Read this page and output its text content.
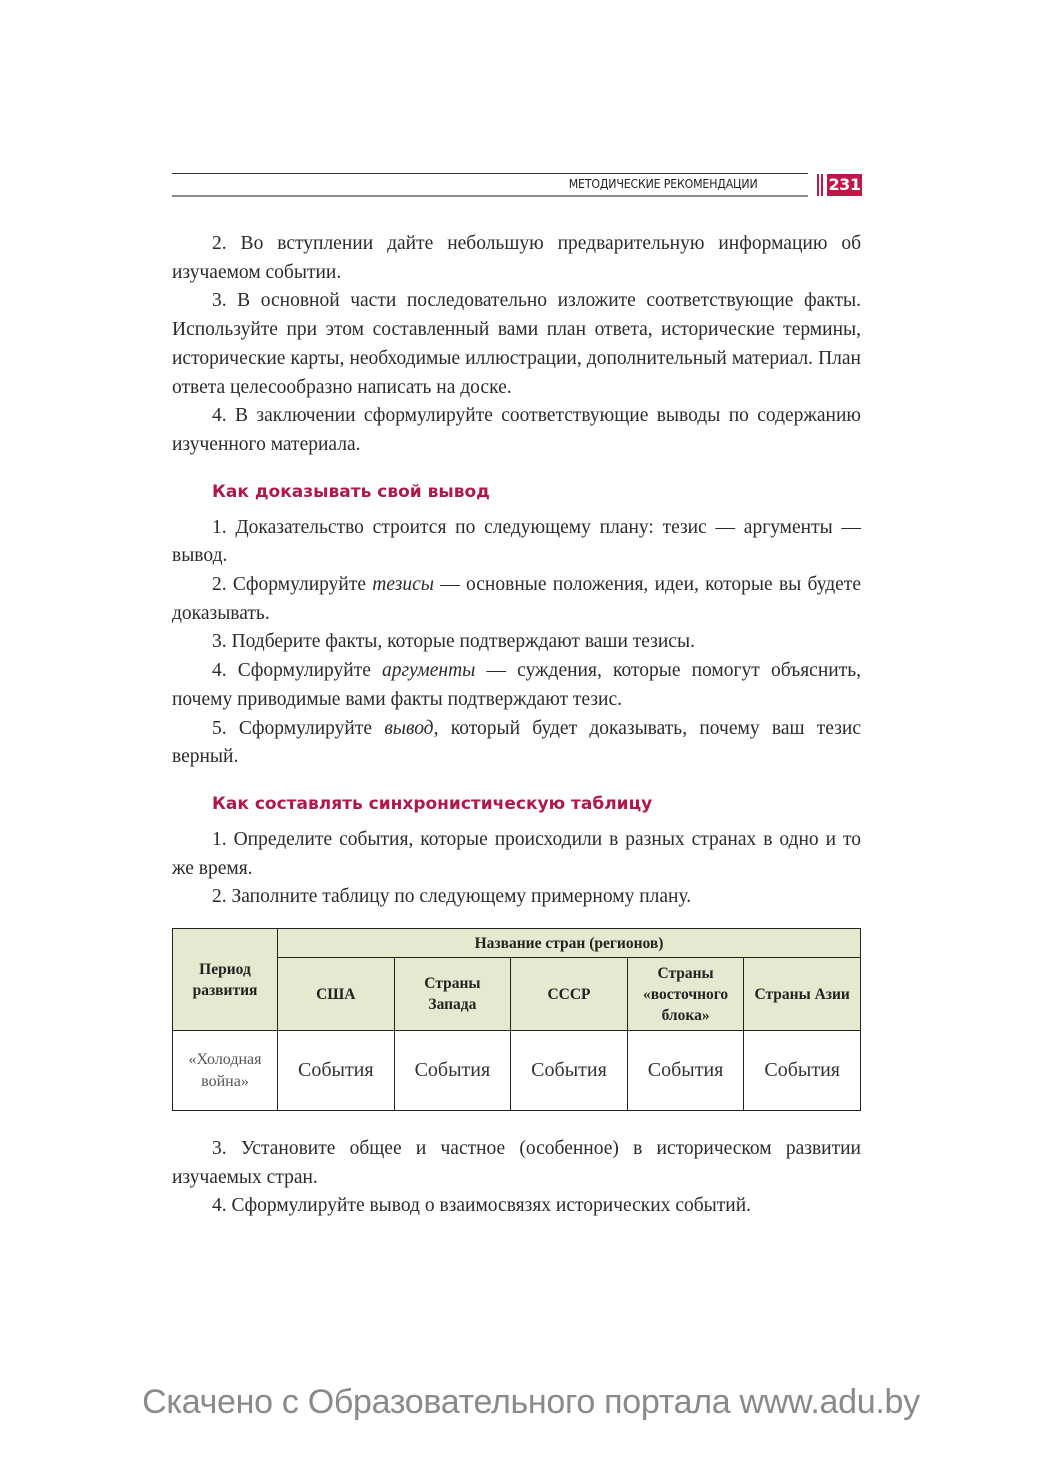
МЕТОДИЧЕСКИЕ РЕКОМЕНДАЦИИ	231

2. Во вступлении дайте небольшую предварительную информацию об изучаемом событии.

3. В основной части последовательно изложите соответствующие факты. Используйте при этом составленный вами план ответа, исторические термины, исторические карты, необходимые иллюстрации, дополнительный материал. План ответа целесообразно написать на доске.

4. В заключении сформулируйте соответствующие выводы по содержанию изученного материала.

Как доказывать свой вывод

1. Доказательство строится по следующему плану: тезис — аргументы — вывод.

2. Сформулируйте тезисы — основные положения, идеи, которые вы будете доказывать.

3. Подберите факты, которые подтверждают ваши тезисы.

4. Сформулируйте аргументы — суждения, которые помогут объяснить, почему приводимые вами факты подтверждают тезис.

5. Сформулируйте вывод, который будет доказывать, почему ваш тезис верный.

Как составлять синхронистическую таблицу

1. Определите события, которые происходили в разных странах в одно и то же время.

2. Заполните таблицу по следующему примерному плану.

Период развития	Название стран (регионов)				
	США	Страны Запада	СССР	Страны «восточного блока»	Страны Азии
«Холодная война»	События	События	События	События	События

3. Установите общее и частное (особенное) в историческом развитии изучаемых стран.

4. Сформулируйте вывод о взаимосвязях исторических событий.

Скачено с Образовательного портала www.adu.by
